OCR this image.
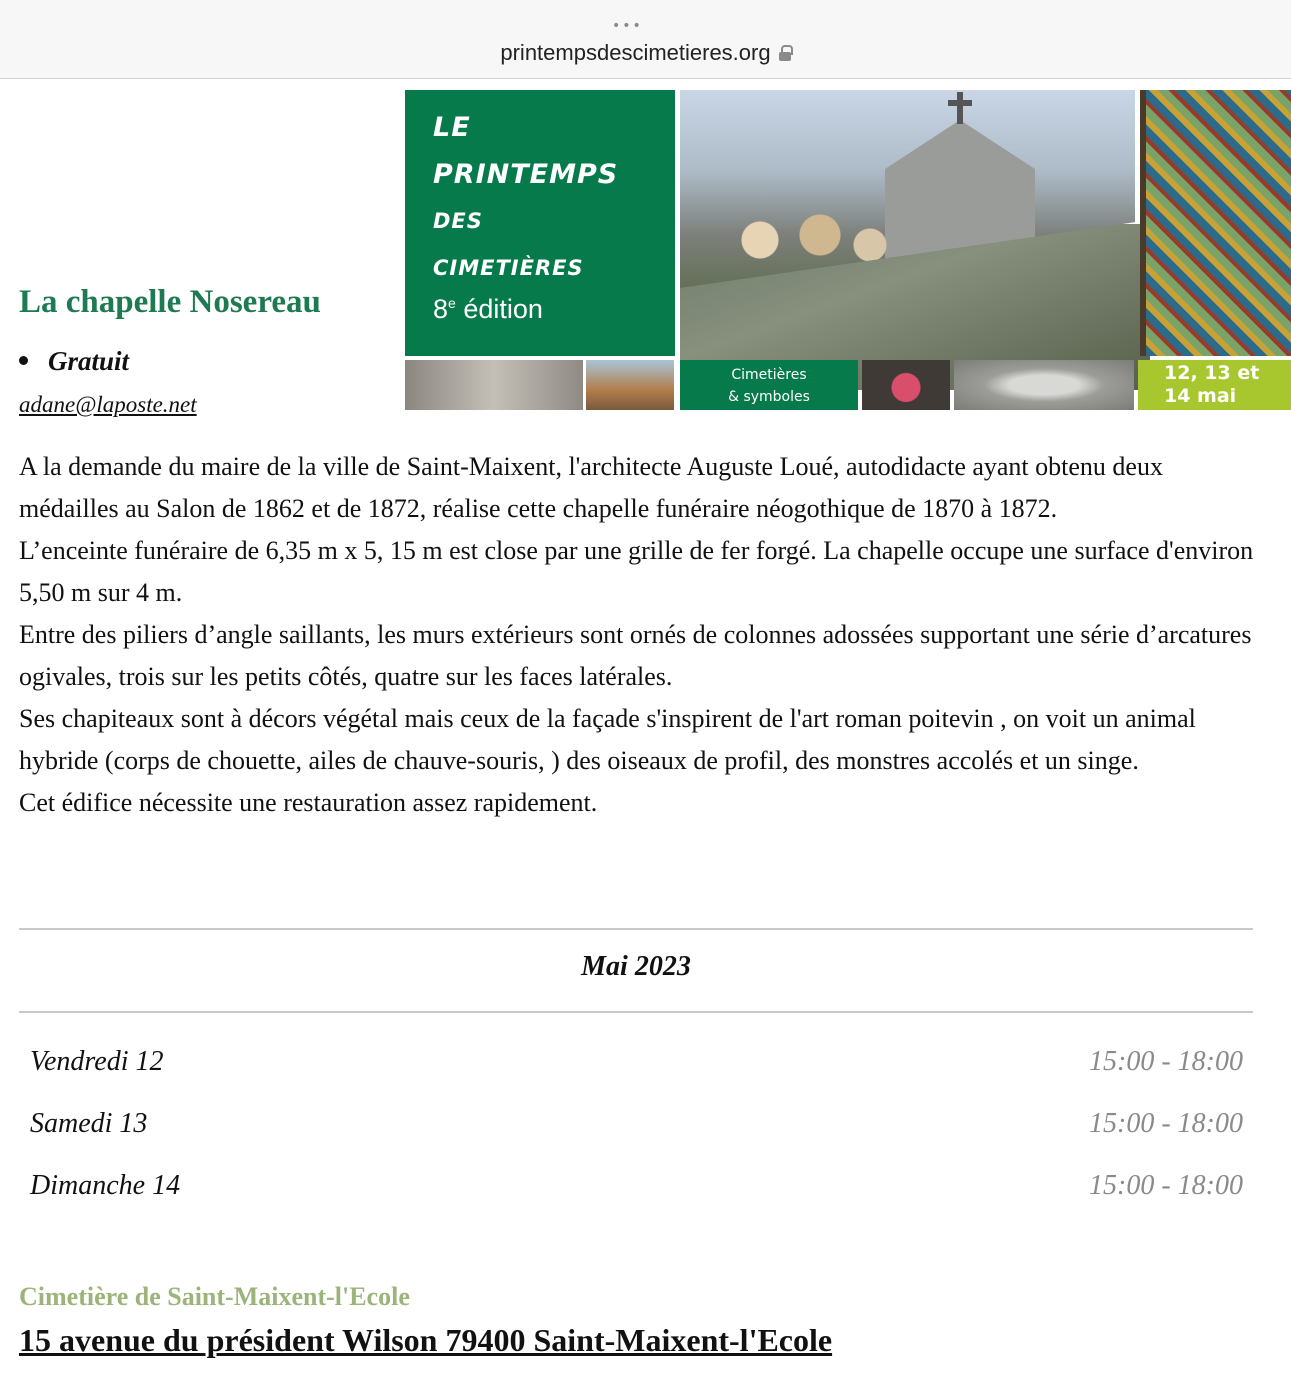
•••
printempsdescimetieres.org
La chapelle Nosereau
Gratuit
adane@laposte.net
LE
PRINTEMPS
DES
CIMETIÈRES
8e édition
Cimetières
& symboles
12, 13 et
14 mai 2023

A la demande du maire de la ville de Saint-Maixent, l'architecte Auguste Loué, autodidacte ayant obtenu deux médailles au Salon de 1862 et de 1872, réalise cette chapelle funéraire néogothique de 1870 à 1872.

L’enceinte funéraire de 6,35 m x 5, 15 m est close par une grille de fer forgé. La chapelle occupe une surface d'environ 5,50 m sur 4 m.

Entre des piliers d’angle saillants, les murs extérieurs sont ornés de colonnes adossées supportant une série d’arcatures ogivales, trois sur les petits côtés, quatre sur les faces latérales.

Ses chapiteaux sont à décors végétal mais ceux de la façade s'inspirent de l'art roman poitevin , on voit un animal hybride (corps de chouette, ailes de chauve-souris, ) des oiseaux de profil, des monstres accolés et un singe.

Cet édifice nécessite une restauration assez rapidement.

Mai 2023
Vendredi 12	15:00 - 18:00
Samedi 13	15:00 - 18:00
Dimanche 14	15:00 - 18:00
Cimetière de Saint-Maixent-l'Ecole
15 avenue du président Wilson 79400 Saint-Maixent-l'Ecole
